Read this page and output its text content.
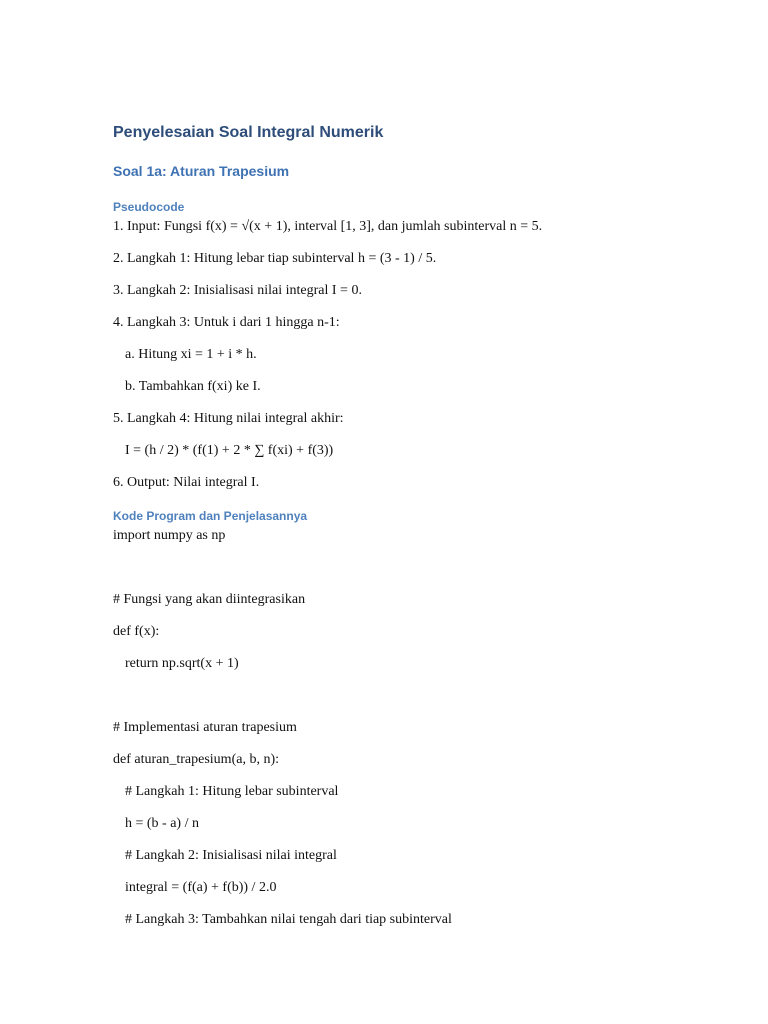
Penyelesaian Soal Integral Numerik
Soal 1a: Aturan Trapesium
Pseudocode
1. Input: Fungsi f(x) = √(x + 1), interval [1, 3], dan jumlah subinterval n = 5.
2. Langkah 1: Hitung lebar tiap subinterval h = (3 - 1) / 5.
3. Langkah 2: Inisialisasi nilai integral I = 0.
4. Langkah 3: Untuk i dari 1 hingga n-1:
a. Hitung xi = 1 + i * h.
b. Tambahkan f(xi) ke I.
5. Langkah 4: Hitung nilai integral akhir:
I = (h / 2) * (f(1) + 2 * ∑ f(xi) + f(3))
6. Output: Nilai integral I.
Kode Program dan Penjelasannya
import numpy as np
# Fungsi yang akan diintegrasikan
def f(x):
return np.sqrt(x + 1)
# Implementasi aturan trapesium
def aturan_trapesium(a, b, n):
# Langkah 1: Hitung lebar subinterval
h = (b - a) / n
# Langkah 2: Inisialisasi nilai integral
integral = (f(a) + f(b)) / 2.0
# Langkah 3: Tambahkan nilai tengah dari tiap subinterval
